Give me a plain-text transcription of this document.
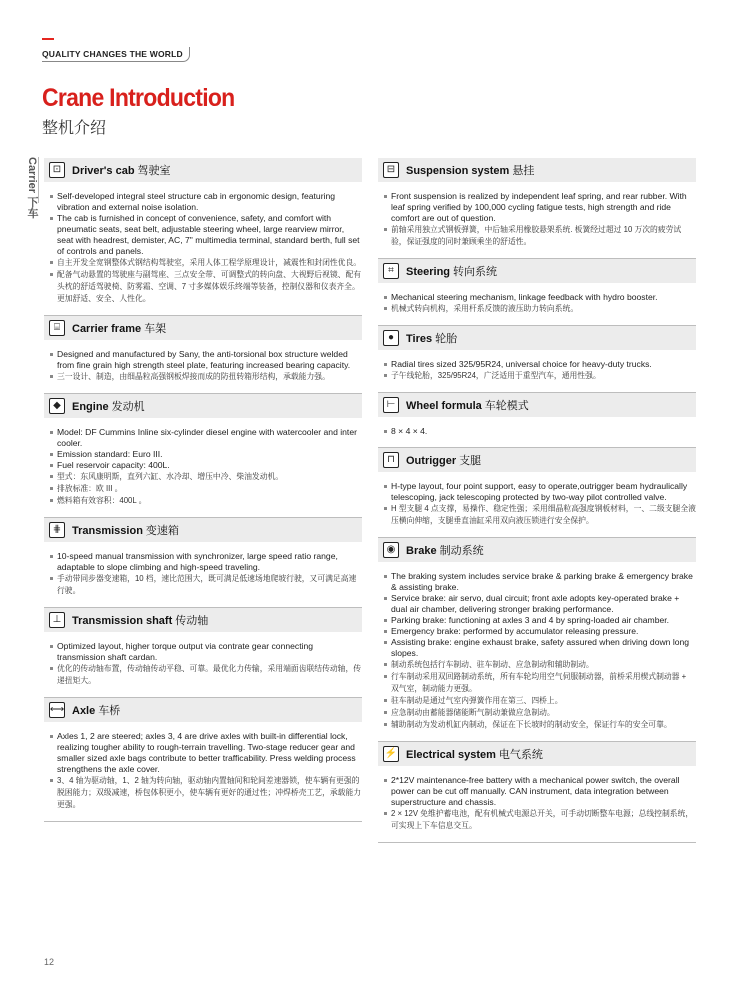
QUALITY CHANGES THE WORLD
Crane Introduction
整机介绍
Carrier 下车	⊡ Driver's cab 驾驶室
Self-developed integral steel structure cab in ergonomic design, featuring vibration and external noise isolation.
The cab is furnished in concept of convenience, safety, and comfort with pneumatic seats, seat belt, adjustable steering wheel, large rearview mirror, seat with headrest, demister, AC, 7" multimedia terminal, standard berth, full set of controls and panels.
自主开发全宽钢整体式钢结构驾驶室，采用人体工程学原理设计，减震性和封闭性优良。
配备气动悬置的驾驶座与副驾座、三点安全带、可调整式的转向盘、大视野后视镜、配有头枕的舒适驾驶椅、防雾霜、空调、7 寸多媒体娱乐终端等装备，控制仪器和仪表齐全。更加舒适、安全、人性化。
⌸	Carrier frame 车架
Designed and manufactured by Sany, the anti-torsional box structure welded from fine grain high strength steel plate, featuring increased bearing capacity.
三一设计、制造，由细晶粒高强钢板焊接而成的防扭转箱形结构，承载能力强。
◆	Engine 发动机
Model: DF Cummins Inline six-cylinder diesel engine with watercooler and inter cooler.
Emission standard: Euro III.
Fuel reservoir capacity: 400L.
型式：东风康明斯，直列六缸、水冷却、增压中冷、柴油发动机。
排放标准：欧 III 。
燃料箱有效容积：400L 。
⋕ Transmission 变速箱
10-speed manual transmission with synchronizer, large speed ratio range, adaptable to slope climbing and high-speed traveling.
手动带同步器变速箱，10 档，速比范围大，既可满足低速场地爬坡行驶，又可满足高速行驶。
⊥ Transmission shaft 传动轴
Optimized layout, higher torque output via contrate gear connecting transmission shaft cardan.
优化的传动轴布置，传动轴传动平稳、可靠。最优化力传输，采用端面齿联结传动轴，传递扭矩大。
⟷ Axle 车桥
Axles 1, 2 are steered; axles 3, 4 are drive axles with built-in differential lock, realizing tougher ability to rough-terrain travelling. Two-stage reducer gear and smaller sized axle bags contribute to better trafficability. Press welding process strengthens the axle cover.
3、4 轴为驱动轴，1、2 轴为转向轴，驱动轴内置轴间和轮间差速器锁，使车辆有更强的脱困能力；双级减速，桥包体积更小，使车辆有更好的通过性；冲焊桥壳工艺，承载能力更强。
⊟ Suspension system 悬挂
Front suspension is realized by independent leaf spring, and rear rubber. With leaf spring verified by 100,000 cycling fatigue tests, high strength and ride comfort are out of question.
前轴采用独立式钢板弹簧，中后轴采用橡胶悬架系统. 板簧经过超过 10 万次的疲劳试验，保证强度的同时兼顾乘坐的舒适性。
⌗	Steering 转向系统
Mechanical steering mechanism, linkage feedback with hydro booster.
机械式转向机构，采用杆系反馈的液压助力转向系统。
●	Tires 轮胎
Radial tires sized 325/95R24, universal choice for heavy-duty trucks.
子午线轮胎，325/95R24，广泛适用于重型汽车，通用性强。
⊢ Wheel formula 车轮模式
8 × 4 × 4.
⊓	Outrigger 支腿
H-type layout, four point support, easy to operate,outrigger beam hydraulically telescoping, jack telescoping protected by two-way pilot controlled valve.
H 型支腿 4 点支撑，易操作、稳定性强；采用细晶粒高强度钢板材料，一、二级支腿全液压横向伸缩，支腿垂直油缸采用双向液压锁进行安全保护。
◉ Brake 制动系统
The braking system includes service brake & parking brake & emergency brake & assisting brake.
Service brake: air servo, dual circuit; front axle adopts key-operated brake + dual air chamber, delivering stronger braking performance.
Parking brake: functioning at axles 3 and 4 by spring-loaded air chamber.
Emergency brake: performed by accumulator releasing pressure.
Assisting brake: engine exhaust brake, safety assured when driving down long slopes.
制动系统包括行车制动、驻车制动、应急制动和辅助制动。
行车制动采用双回路制动系统，所有车轮均用空气伺服制动器，前桥采用楔式制动器 + 双气室，制动能力更强。
驻车制动是通过气室内弹簧作用在第三、四桥上。
应急制动由蓄能器储能断气制动兼做应急制动。
辅助制动为发动机缸内制动，保证在下长坡时的制动安全，保证行车的安全可靠。
⚡ Electrical system 电气系统
2*12V maintenance-free battery with a mechanical power switch, the overall power can be cut off manually. CAN instrument, data integration between superstructure and chassis.
2 × 12V 免维护蓄电池，配有机械式电源总开关，可手动切断整车电源；总线控制系统，可实现上下车信息交互。
12
